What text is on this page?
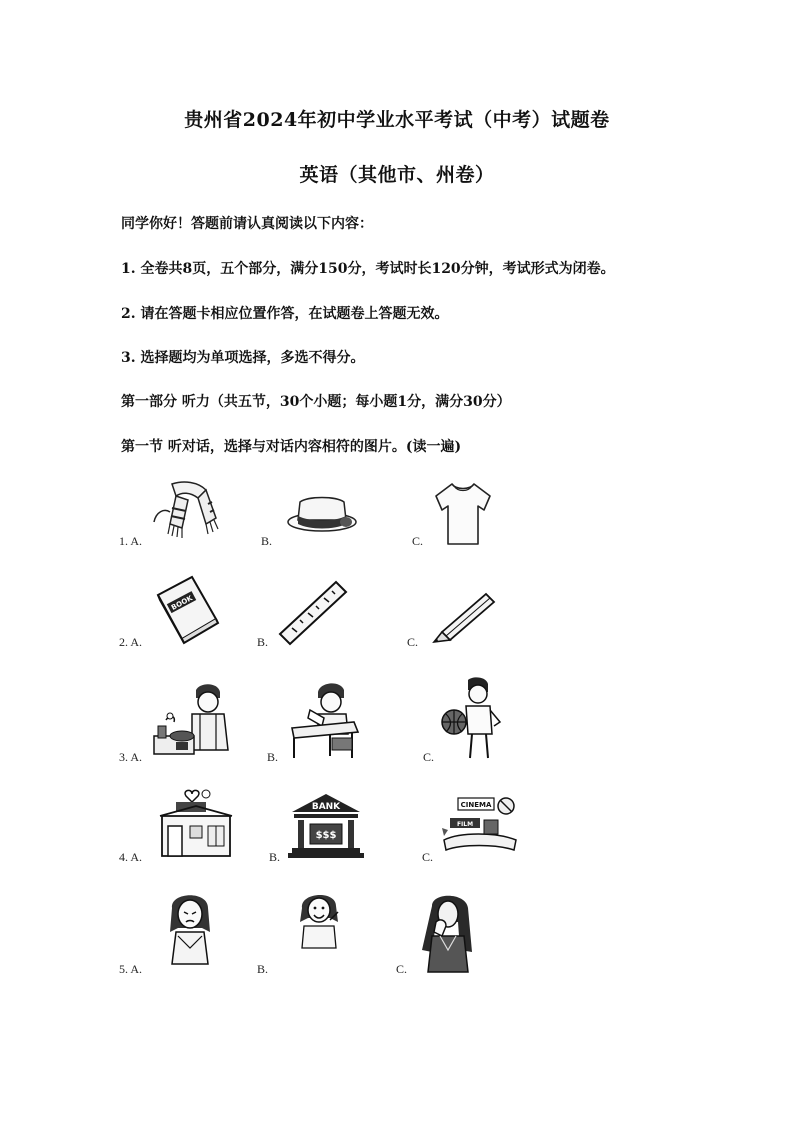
贵州省2024年初中学业水平考试（中考）试题卷
英语（其他市、州卷）
同学你好！答题前请认真阅读以下内容：
1. 全卷共8页，五个部分，满分150分，考试时长120分钟，考试形式为闭卷。
2. 请在答题卡相应位置作答，在试题卷上答题无效。
3. 选择题均为单项选择，多选不得分。
第一部分 听力（共五节，30个小题；每小题1分，满分30分）
第一节 听对话，选择与对话内容相符的图片。(读一遍)
1. A.	B.	C.
2. A.	B.	C.
BOOK
3. A.	B.	C.
4. A.	B.	C.
BANK
$$$
CINEMA
FILM
5. A.	B.	C.
